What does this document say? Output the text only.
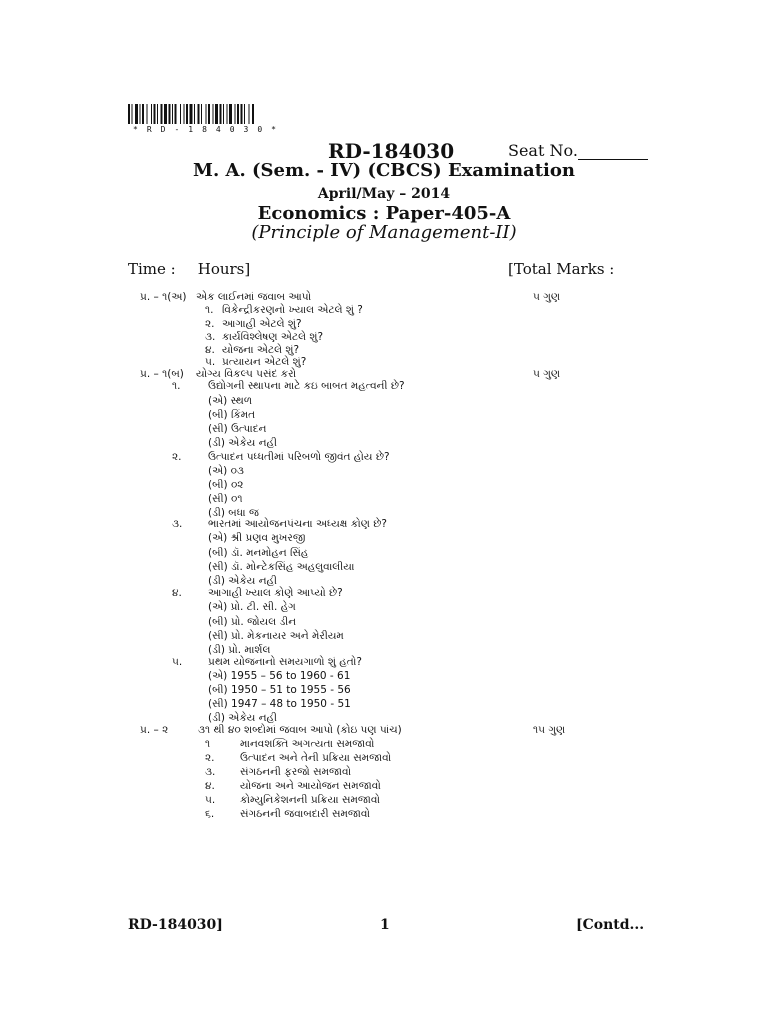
*RD-184030*
RD-184030	Seat No.
M. A. (Sem. - IV) (CBCS) Examination
April/May – 2014
Economics : Paper-405-A
(Principle of Management-II)
Time : Hours]	[Total Marks :
પ્ર. – ૧(અ) એક લાઈનમાં જવાબ આપો	૫ ગુણ
૧. વિકેન્દ્રીકરણનો ખ્યાલ એટલે શું ?
૨. આગાહી એટલે શું?
૩. કાર્યવિશ્લેષણ એટલે શું?
૪. યોજના એટલે શું?
૫. પ્રત્યાયન એટલે શું?
પ્ર. – ૧(બ) યોગ્ય વિકલ્પ પસંદ કરો	૫ ગુણ
૧.	ઉદ્યોગની સ્થાપના માટે કઇ બાબત મહત્વની છે?
(એ) સ્થળ
(બી) કિંમત
(સી) ઉત્પાદન
(ડી) એકેય નહી
૨.	ઉત્પાદન પધ્ધતીમાં પરિબળો જીવંત હોય છે?
(એ) ૦૩
(બી) ૦૨
(સી) ૦૧
(ડી) બધા જ
૩. ભારતમાં આયોજનપંચના અધ્યક્ષ કોણ છે?
(એ) શ્રી પ્રણવ મુખરજી
(બી) ડૉ. મનમોહન સિંહ
(સી) ડૉ. મોન્ટેકસિંહ અહલુવાલીયા
(ડી) એકેય નહી
૪. આગાહી ખ્યાલ કોણે આપ્યો છે?
(એ) પ્રો. ટી. સી. હેગ
(બી) પ્રો. જોયલ ડીન
(સી) પ્રો. મેકનાયર અને મેરીયમ
(ડી) પ્રો. માર્શલ
૫. પ્રથમ યોજનાનો સમયગાળો શું હતો?
(એ) 1955 – 56 to 1960 - 61
(બી) 1950 – 51 to 1955 - 56
(સી) 1947 – 48 to 1950 - 51
(ડી) એકેય નહી
પ્ર. – ૨	૩૧ થી ૪૦ શબ્દોમાં જવાબ આપો (કોઇ પણ પાંચ)	૧૫ ગુણ
૧	માનવશક્તિ અગત્યતા સમજાવો
૨. ઉત્પાદન અને તેની પ્રક્રિયા સમજાવો
૩. સંગઠનની ફરજો સમજાવો
૪. યોજના અને આયોજન સમજાવો
૫. કોમ્યુનિકેશનની પ્રક્રિયા સમજાવો
૬. સંગઠનની જવાબદારી સમજાવો
RD-184030]	1	[Contd...
